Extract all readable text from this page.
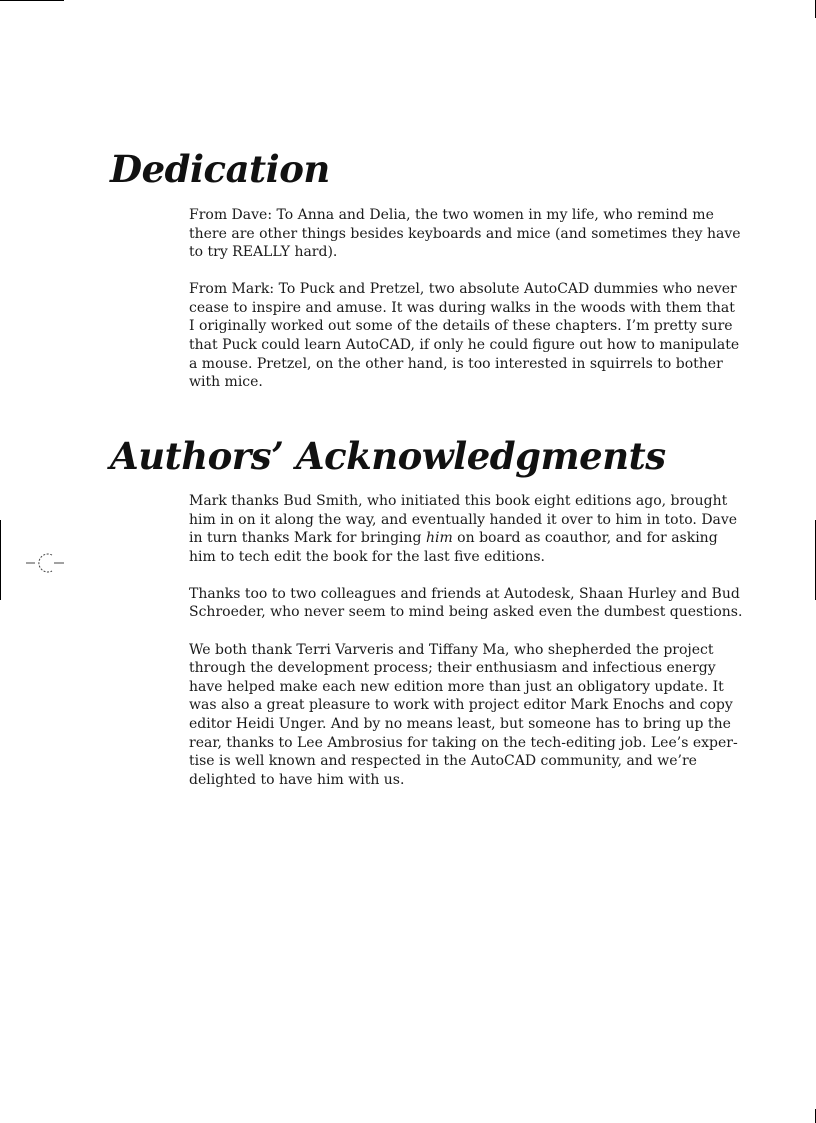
Dedication

From Dave: To Anna and Delia, the two women in my life, who remind me
there are other things besides keyboards and mice (and sometimes they have
to try REALLY hard).

From Mark: To Puck and Pretzel, two absolute AutoCAD dummies who never
cease to inspire and amuse. It was during walks in the woods with them that
I originally worked out some of the details of these chapters. I’m pretty sure
that Puck could learn AutoCAD, if only he could figure out how to manipulate
a mouse. Pretzel, on the other hand, is too interested in squirrels to bother
with mice.

Authors’ Acknowledgments

Mark thanks Bud Smith, who initiated this book eight editions ago, brought
him in on it along the way, and eventually handed it over to him in toto. Dave
in turn thanks Mark for bringing him on board as coauthor, and for asking
him to tech edit the book for the last five editions.

Thanks too to two colleagues and friends at Autodesk, Shaan Hurley and Bud
Schroeder, who never seem to mind being asked even the dumbest questions.

We both thank Terri Varveris and Tiffany Ma, who shepherded the project
through the development process; their enthusiasm and infectious energy
have helped make each new edition more than just an obligatory update. It
was also a great pleasure to work with project editor Mark Enochs and copy
editor Heidi Unger. And by no means least, but someone has to bring up the
rear, thanks to Lee Ambrosius for taking on the tech-editing job. Lee’s exper-
tise is well known and respected in the AutoCAD community, and we’re
delighted to have him with us.
